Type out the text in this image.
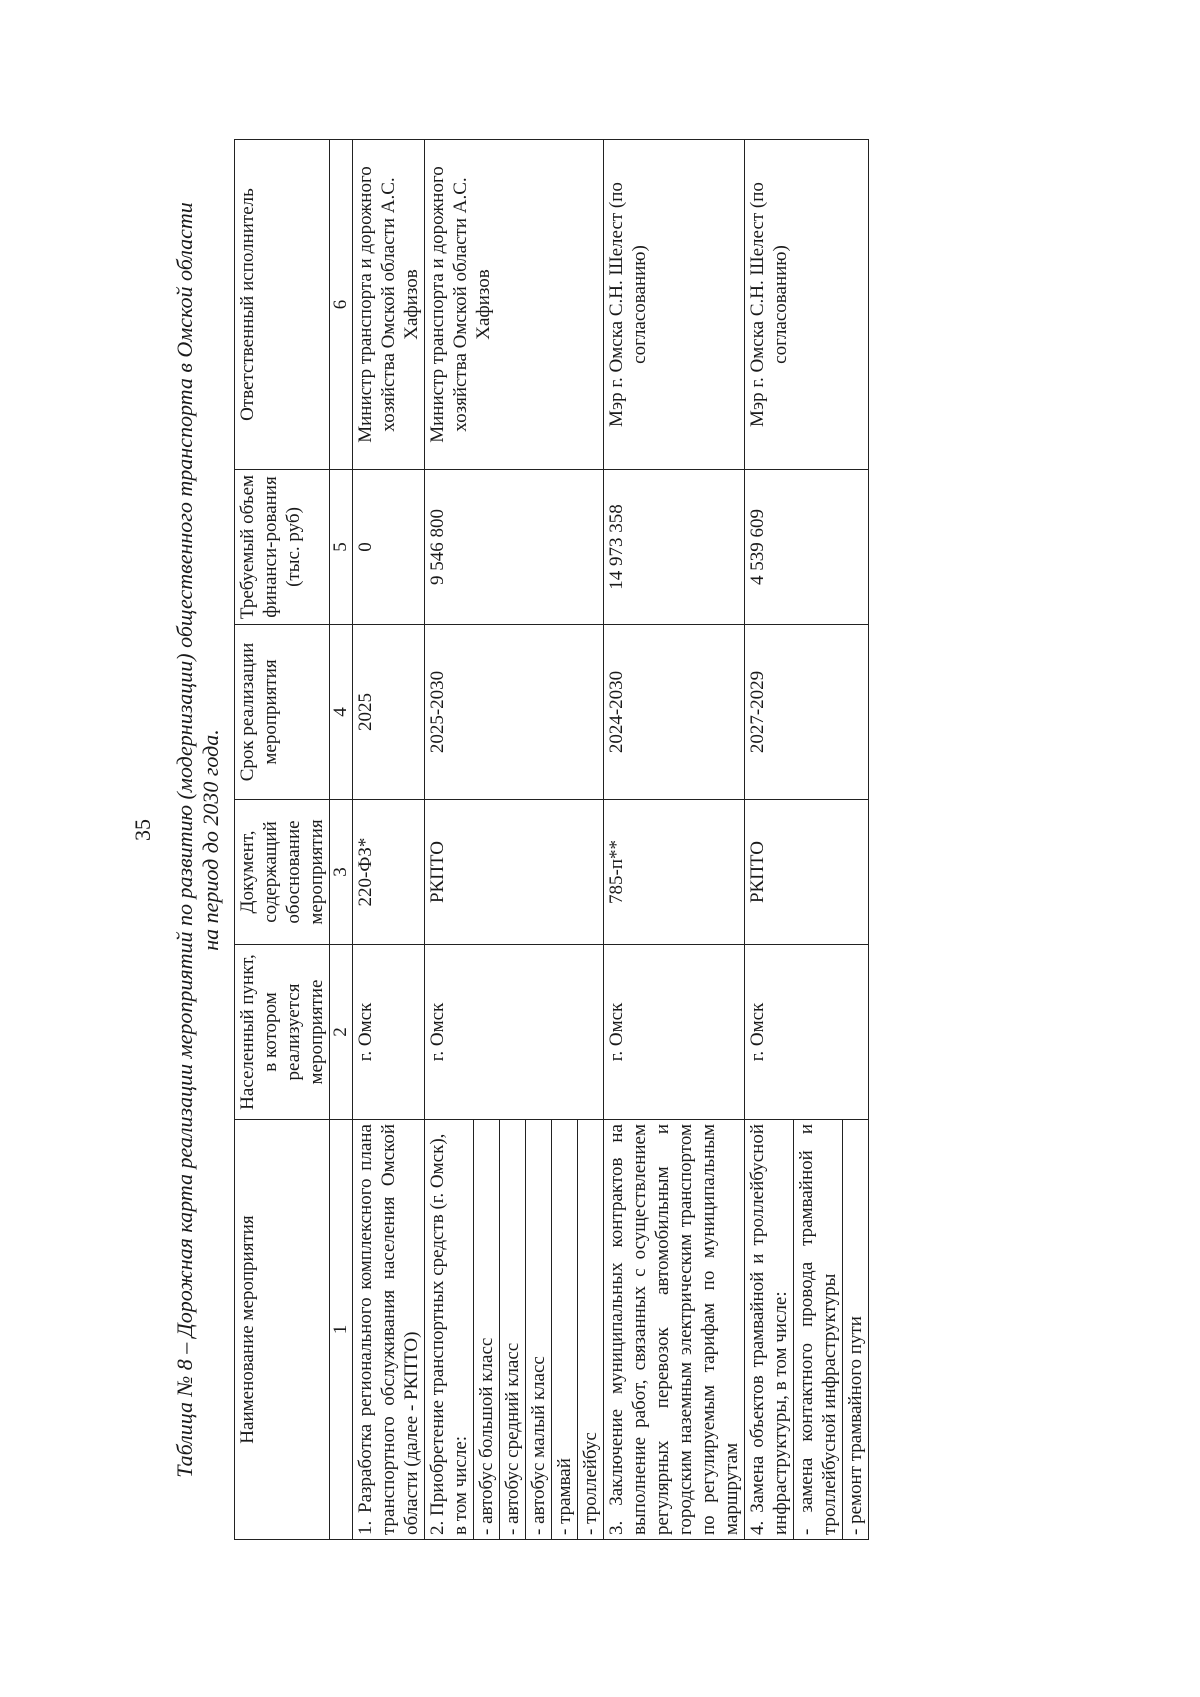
35 Таблица № 8 – Дорожная карта реализации мероприятий по развитию (модернизации) общественного транспорта в Омской области на период до 2030 года.
Наименование мероприятия	Населенный пункт, в котором реализуется мероприятие	Документ, содержащий обоснование мероприятия	Срок реализации мероприятия	Требуемый объем финанси-рования (тыс. руб)	Ответственный исполнитель
1	2	3	4	5	6
1. Разработка регионального комплексного плана транспортного обслуживания населения Омской области (далее - РКПТО)	г. Омск	220-ФЗ*	2025	0	Министр транспорта и дорожного хозяйства Омской области А.С. Хафизов
2. Приобретение транспортных средств (г. Омск), в том числе:	г. Омск	РКПТО	2025-2030	9 546 800	Министр транспорта и дорожного хозяйства Омской области А.С. Хафизов
- автобус большой класс					
- автобус средний класс					
- автобус малый класс					
- трамвай					
- троллейбус					
3. Заключение муниципальных контрактов на выполнение работ, связанных с осуществлением регулярных перевозок автомобильным и городским наземным электрическим транспортом по регулируемым тарифам по муниципальным маршрутам	г. Омск	785-п**	2024-2030	14 973 358	Мэр г. Омска С.Н. Шелест (по согласованию)
4. Замена объектов трамвайной и троллейбусной инфраструктуры, в том числе:	г. Омск	РКПТО	2027-2029	4 539 609	Мэр г. Омска С.Н. Шелест (по согласованию)
- замена контактного провода трамвайной и троллейбусной инфраструктуры					
- ремонт трамвайного пути					
